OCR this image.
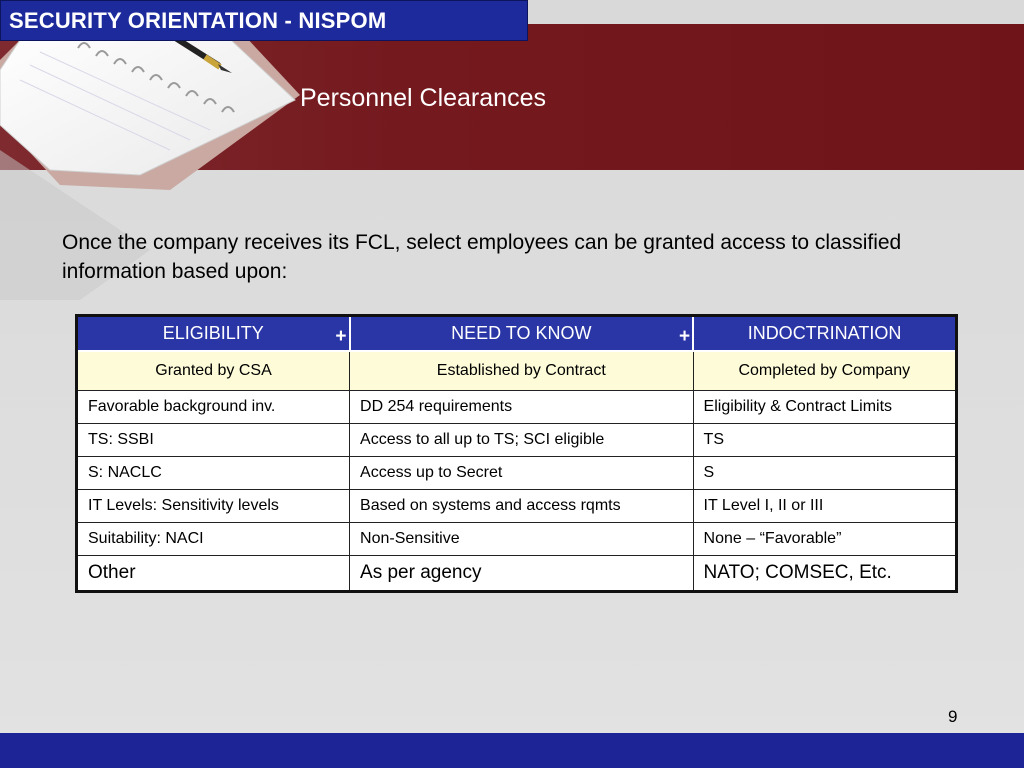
SECURITY ORIENTATION - NISPOM
Personnel Clearances
Once the company receives its FCL, select employees can be granted access to classified information based upon:
ELIGIBILITY +	NEED TO KNOW +	INDOCTRINATION
Granted by CSA	Established by Contract	Completed by Company
Favorable background inv.	DD 254 requirements	Eligibility & Contract Limits
TS: SSBI	Access to all up to TS; SCI eligible	TS
S: NACLC	Access up to Secret	S
IT Levels: Sensitivity levels	Based on systems and access rqmts	IT Level I, II or III
Suitability: NACI	Non-Sensitive	None – “Favorable”
Other	As per agency	NATO; COMSEC, Etc.
9
